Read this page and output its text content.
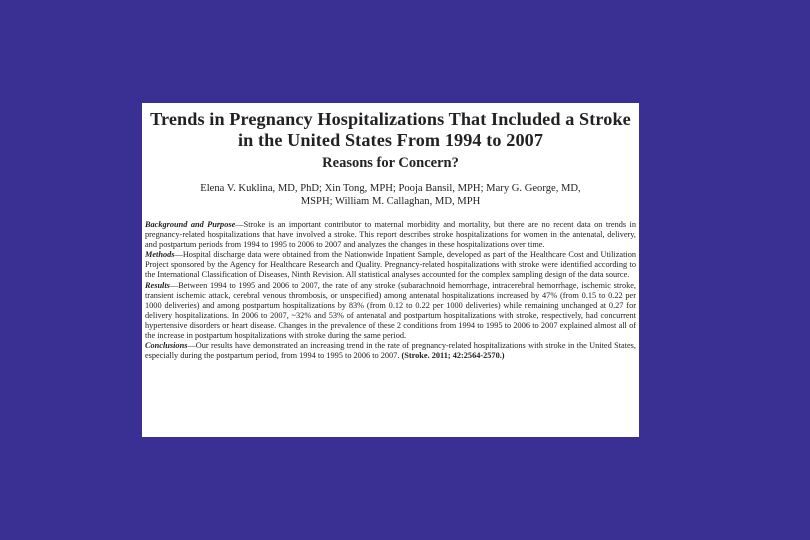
Trends in Pregnancy Hospitalizations That Included a Stroke in the United States From 1994 to 2007
Reasons for Concern?
Elena V. Kuklina, MD, PhD; Xin Tong, MPH; Pooja Bansil, MPH; Mary G. George, MD, MSPH; William M. Callaghan, MD, MPH

Background and Purpose—Stroke is an important contributor to maternal morbidity and mortality, but there are no recent data on trends in pregnancy-related hospitalizations that have involved a stroke. This report describes stroke hospitalizations for women in the antenatal, delivery, and postpartum periods from 1994 to 1995 to 2006 to 2007 and analyzes the changes in these hospitalizations over time.

Methods—Hospital discharge data were obtained from the Nationwide Inpatient Sample, developed as part of the Healthcare Cost and Utilization Project sponsored by the Agency for Healthcare Research and Quality. Pregnancy-related hospitalizations with stroke were identified according to the International Classification of Diseases, Ninth Revision. All statistical analyses accounted for the complex sampling design of the data source.

Results—Between 1994 to 1995 and 2006 to 2007, the rate of any stroke (subarachnoid hemorrhage, intracerebral hemorrhage, ischemic stroke, transient ischemic attack, cerebral venous thrombosis, or unspecified) among antenatal hospitalizations increased by 47% (from 0.15 to 0.22 per 1000 deliveries) and among postpartum hospitalizations by 83% (from 0.12 to 0.22 per 1000 deliveries) while remaining unchanged at 0.27 for delivery hospitalizations. In 2006 to 2007, ~32% and 53% of antenatal and postpartum hospitalizations with stroke, respectively, had concurrent hypertensive disorders or heart disease. Changes in the prevalence of these 2 conditions from 1994 to 1995 to 2006 to 2007 explained almost all of the increase in postpartum hospitalizations with stroke during the same period.

Conclusions—Our results have demonstrated an increasing trend in the rate of pregnancy-related hospitalizations with stroke in the United States, especially during the postpartum period, from 1994 to 1995 to 2006 to 2007. (Stroke. 2011; 42:2564-2570.)
